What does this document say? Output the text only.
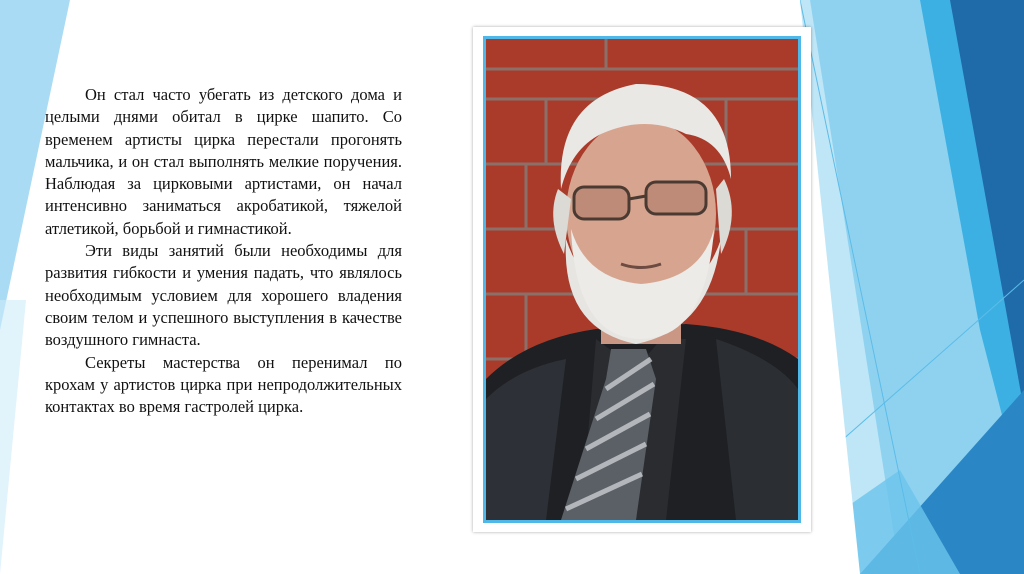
Он стал часто убегать из детского дома и целыми днями обитал в цирке шапито. Со временем артисты цирка перестали прогонять мальчика, и он стал выполнять мелкие поручения. Наблюдая за цирковыми артистами, он начал интенсивно заниматься акробатикой, тяжелой атлетикой, борьбой и гимнастикой.

Эти виды занятий были необходимы для развития гибкости и умения падать, что являлось необходимым условием для хорошего владения своим телом и успешного выступления в качестве воздушного гимнаста.

Секреты мастерства он перенимал по крохам у артистов цирка при непродолжительных контактах во время гастролей цирка.
